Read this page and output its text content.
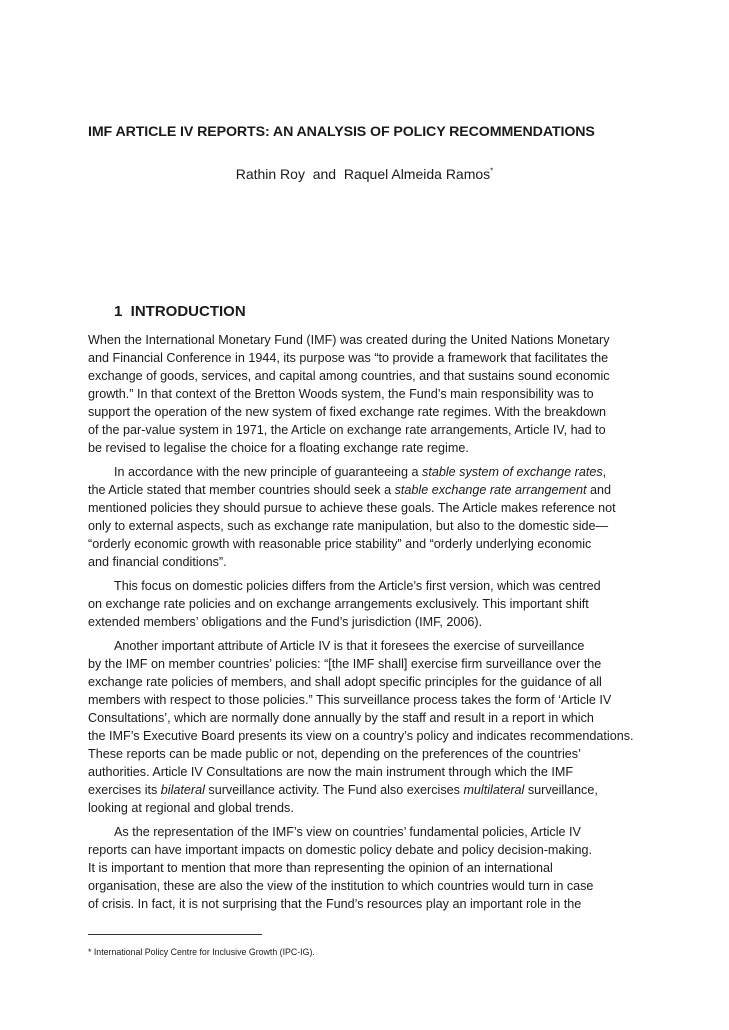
IMF ARTICLE IV REPORTS: AN ANALYSIS OF POLICY RECOMMENDATIONS
Rathin Roy  and  Raquel Almeida Ramos*
1  INTRODUCTION

When the International Monetary Fund (IMF) was created during the United Nations Monetary
and Financial Conference in 1944, its purpose was “to provide a framework that facilitates the
exchange of goods, services, and capital among countries, and that sustains sound economic
growth.” In that context of the Bretton Woods system, the Fund’s main responsibility was to
support the operation of the new system of fixed exchange rate regimes. With the breakdown
of the par-value system in 1971, the Article on exchange rate arrangements, Article IV, had to
be revised to legalise the choice for a floating exchange rate regime.

In accordance with the new principle of guaranteeing a stable system of exchange rates,
the Article stated that member countries should seek a stable exchange rate arrangement and
mentioned policies they should pursue to achieve these goals. The Article makes reference not
only to external aspects, such as exchange rate manipulation, but also to the domestic side—
“orderly economic growth with reasonable price stability” and “orderly underlying economic
and financial conditions”.

This focus on domestic policies differs from the Article’s first version, which was centred
on exchange rate policies and on exchange arrangements exclusively. This important shift
extended members’ obligations and the Fund’s jurisdiction (IMF, 2006).

Another important attribute of Article IV is that it foresees the exercise of surveillance
by the IMF on member countries’ policies: “[the IMF shall] exercise firm surveillance over the
exchange rate policies of members, and shall adopt specific principles for the guidance of all
members with respect to those policies.” This surveillance process takes the form of ‘Article IV
Consultations’, which are normally done annually by the staff and result in a report in which
the IMF’s Executive Board presents its view on a country’s policy and indicates recommendations.
These reports can be made public or not, depending on the preferences of the countries’
authorities. Article IV Consultations are now the main instrument through which the IMF
exercises its bilateral surveillance activity. The Fund also exercises multilateral surveillance,
looking at regional and global trends.

As the representation of the IMF’s view on countries’ fundamental policies, Article IV
reports can have important impacts on domestic policy debate and policy decision-making.
It is important to mention that more than representing the opinion of an international
organisation, these are also the view of the institution to which countries would turn in case
of crisis. In fact, it is not surprising that the Fund’s resources play an important role in the

* International Policy Centre for Inclusive Growth (IPC-IG).
